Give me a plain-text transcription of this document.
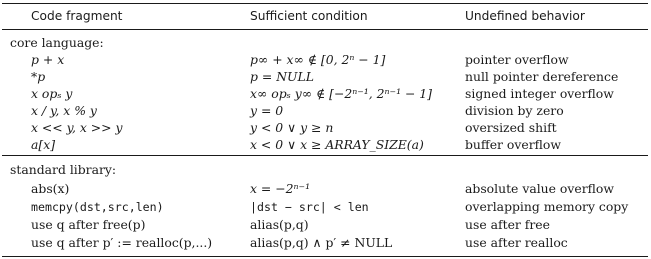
Code fragment	Sufficient condition	Undefined behavior
core language:
p + x	p∞ + x∞ ∉ [0, 2ⁿ − 1]	pointer overflow
*p	p = NULL	null pointer dereference
x opₛ y	x∞ opₛ y∞ ∉ [−2ⁿ⁻¹, 2ⁿ⁻¹ − 1]	signed integer overflow
x / y, x % y	y = 0	division by zero
x << y, x >> y	y < 0 ∨ y ≥ n	oversized shift
a[x]	x < 0 ∨ x ≥ ARRAY_SIZE(a)	buffer overflow
standard library:
abs(x)	x = −2ⁿ⁻¹	absolute value overflow
memcpy(dst,src,len)	|dst − src| < len	overlapping memory copy
use q after free(p)	alias(p,q)	use after free
use q after p′ := realloc(p,...)	alias(p,q) ∧ p′ ≠ NULL	use after realloc
